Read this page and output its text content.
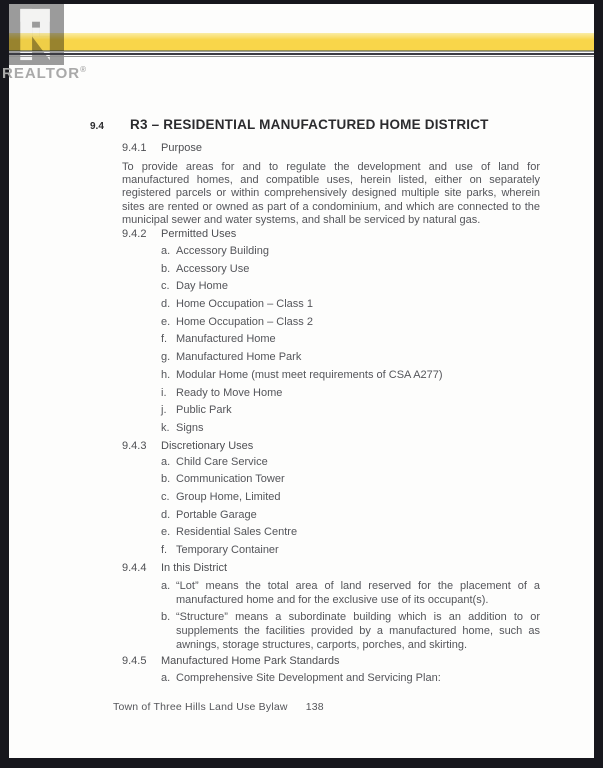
REALTOR®
9.4	R3 – RESIDENTIAL MANUFACTURED HOME DISTRICT
9.4.1	Purpose

To provide areas for and to regulate the development and use of land for manufactured homes, and compatible uses, herein listed, either on separately registered parcels or within comprehensively designed multiple site parks, wherein sites are rented or owned as part of a condominium, and which are connected to the municipal sewer and water systems, and shall be serviced by natural gas.

9.4.2	Permitted Uses
a. Accessory Building
b. Accessory Use
c. Day Home
d. Home Occupation – Class 1
e. Home Occupation – Class 2
f. Manufactured Home
g. Manufactured Home Park
h. Modular Home (must meet requirements of CSA A277)
i. Ready to Move Home
j. Public Park
k. Signs
9.4.3	Discretionary Uses
a. Child Care Service
b. Communication Tower
c. Group Home, Limited
d. Portable Garage
e. Residential Sales Centre
f. Temporary Container
9.4.4	In this District
a. “Lot” means the total area of land reserved for the placement of a manufactured home and for the exclusive use of its occupant(s).
b. “Structure” means a subordinate building which is an addition to or supplements the facilities provided by a manufactured home, such as awnings, storage structures, carports, porches, and skirting.
9.4.5	Manufactured Home Park Standards
a. Comprehensive Site Development and Servicing Plan:
Town of Three Hills Land Use Bylaw 138
